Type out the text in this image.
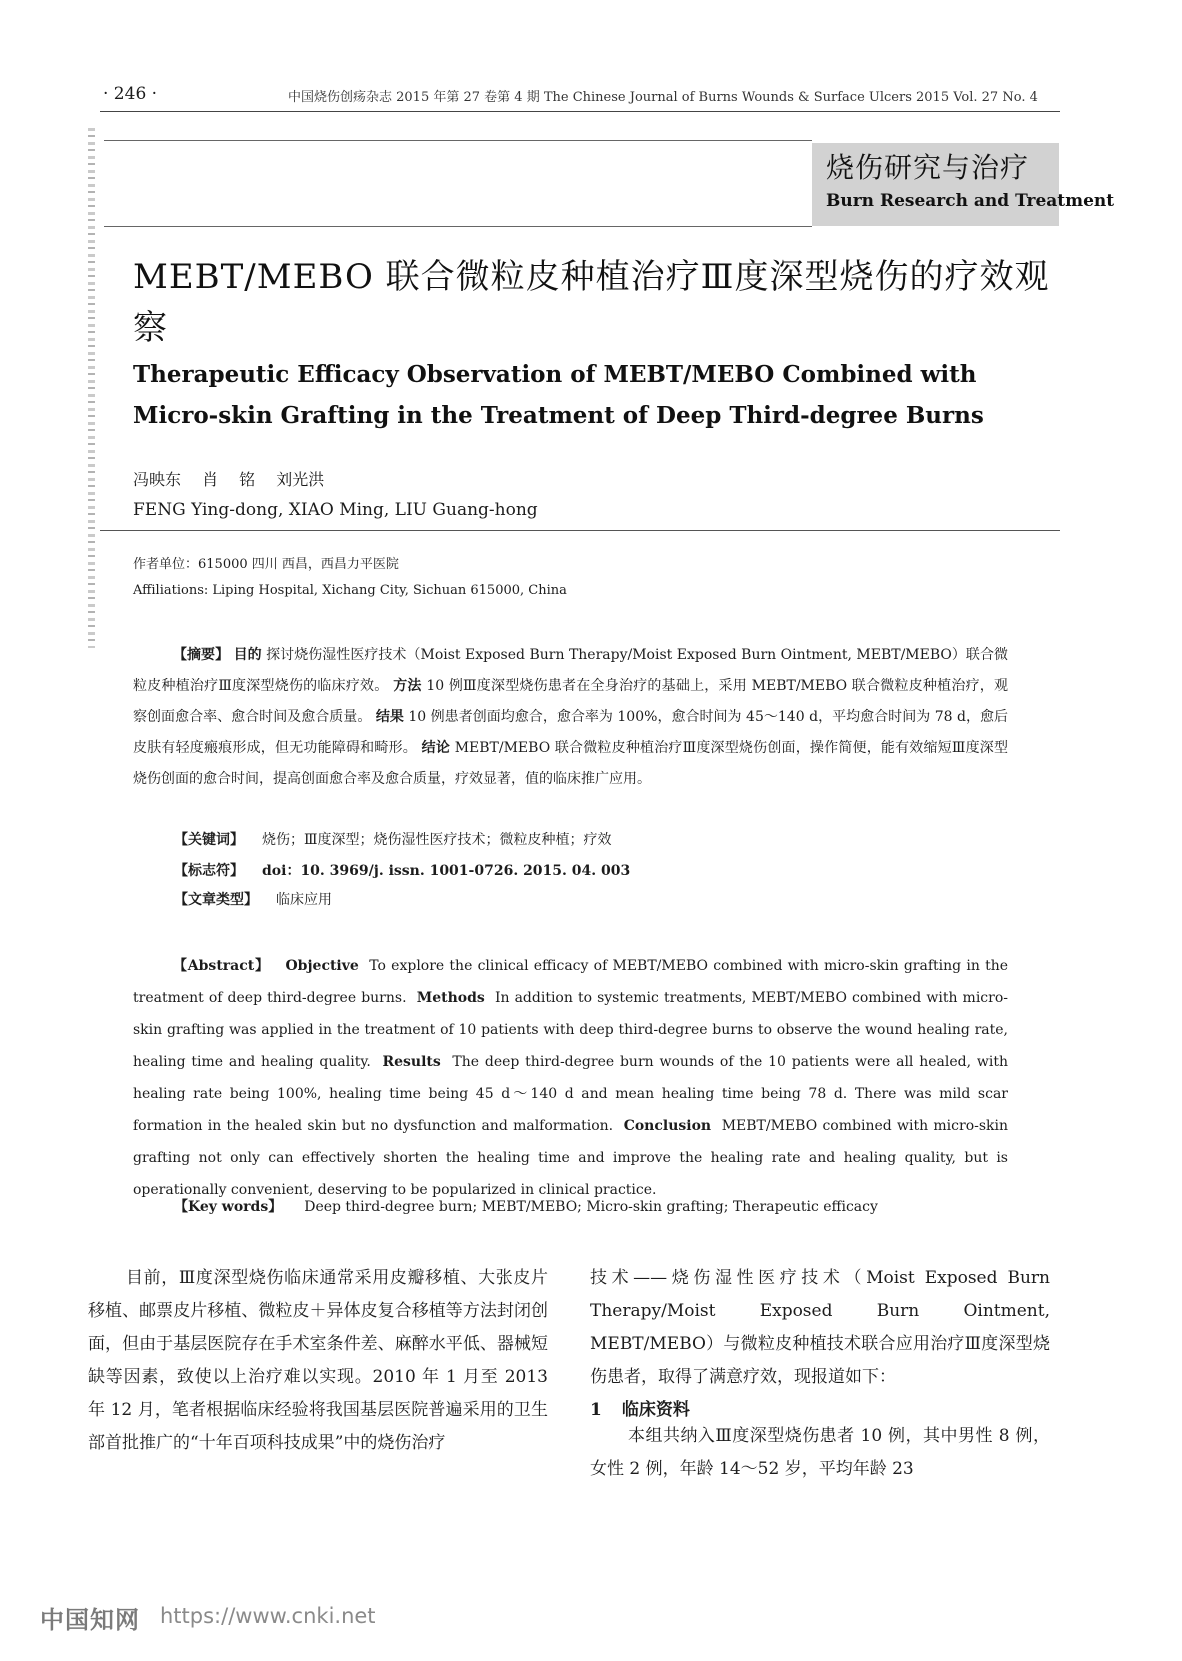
· 246 ·	中国烧伤创疡杂志 2015 年第 27 卷第 4 期 The Chinese Journal of Burns Wounds & Surface Ulcers 2015 Vol. 27 No. 4
烧伤研究与治疗
Burn Research and Treatment
MEBT/MEBO 联合微粒皮种植治疗Ⅲ度深型烧伤的疗效观察
Therapeutic Efficacy Observation of MEBT/MEBO Combined with Micro-skin Grafting in the Treatment of Deep Third-degree Burns
冯映东 肖 铭 刘光洪
FENG Ying-dong, XIAO Ming, LIU Guang-hong
作者单位：615000 四川 西昌，西昌力平医院
Affiliations: Liping Hospital, Xichang City, Sichuan 615000, China
【摘要】 目的 探讨烧伤湿性医疗技术（Moist Exposed Burn Therapy/Moist Exposed Burn Ointment, MEBT/MEBO）联合微粒皮种植治疗Ⅲ度深型烧伤的临床疗效。 方法 10 例Ⅲ度深型烧伤患者在全身治疗的基础上，采用 MEBT/MEBO 联合微粒皮种植治疗，观察创面愈合率、愈合时间及愈合质量。 结果 10 例患者创面均愈合，愈合率为 100%，愈合时间为 45～140 d，平均愈合时间为 78 d，愈后皮肤有轻度瘢痕形成，但无功能障碍和畸形。 结论 MEBT/MEBO 联合微粒皮种植治疗Ⅲ度深型烧伤创面，操作简便，能有效缩短Ⅲ度深型烧伤创面的愈合时间，提高创面愈合率及愈合质量，疗效显著，值的临床推广应用。
【关键词】 烧伤；Ⅲ度深型；烧伤湿性医疗技术；微粒皮种植；疗效
【标志符】 doi：10. 3969/j. issn. 1001-0726. 2015. 04. 003
【文章类型】 临床应用
【Abstract】 Objective To explore the clinical efficacy of MEBT/MEBO combined with micro-skin grafting in the treatment of deep third-degree burns. Methods In addition to systemic treatments, MEBT/MEBO combined with micro-skin grafting was applied in the treatment of 10 patients with deep third-degree burns to observe the wound healing rate, healing time and healing quality. Results The deep third-degree burn wounds of the 10 patients were all healed, with healing rate being 100%, healing time being 45 d～140 d and mean healing time being 78 d. There was mild scar formation in the healed skin but no dysfunction and malformation. Conclusion MEBT/MEBO combined with micro-skin grafting not only can effectively shorten the healing time and improve the healing rate and healing quality, but is operationally convenient, deserving to be popularized in clinical practice.
【Key words】 Deep third-degree burn; MEBT/MEBO; Micro-skin grafting; Therapeutic efficacy
目前，Ⅲ度深型烧伤临床通常采用皮瓣移植、大张皮片移植、邮票皮片移植、微粒皮＋异体皮复合移植等方法封闭创面，但由于基层医院存在手术室条件差、麻醉水平低、器械短缺等因素，致使以上治疗难以实现。2010 年 1 月至 2013 年 12 月，笔者根据临床经验将我国基层医院普遍采用的卫生部首批推广的“十年百项科技成果”中的烧伤治疗
技术——烧伤湿性医疗技术（Moist Exposed Burn Therapy/Moist Exposed Burn Ointment, MEBT/MEBO）与微粒皮种植技术联合应用治疗Ⅲ度深型烧伤患者，取得了满意疗效，现报道如下：
1 临床资料
本组共纳入Ⅲ度深型烧伤患者 10 例，其中男性 8 例，女性 2 例，年龄 14～52 岁，平均年龄 23
中国知网 https://www.cnki.net
